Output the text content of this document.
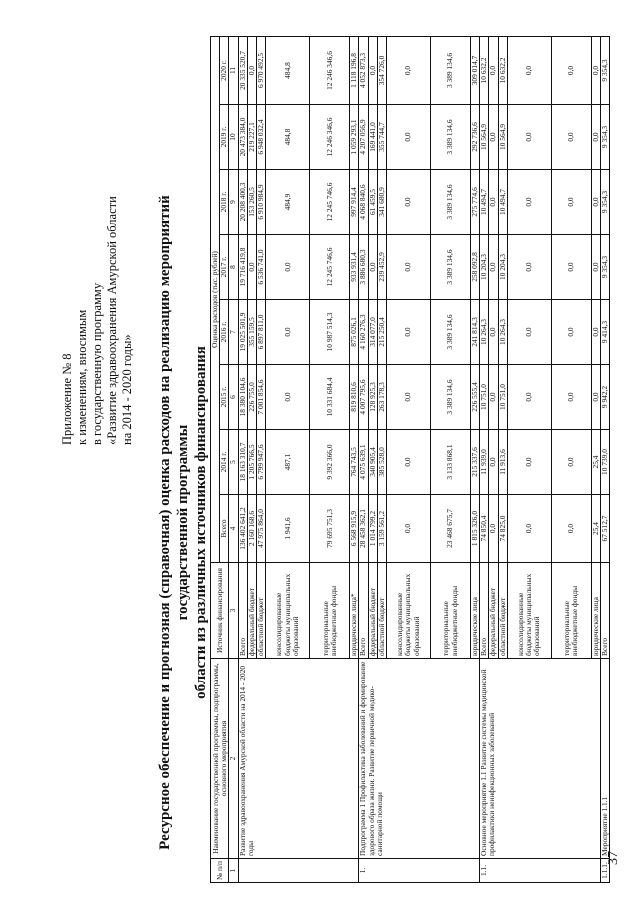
37
Приложение № 8 к изменениям, вносимым в государственную программу «Развитие здравоохранения Амурской области на 2014 - 2020 годы» Ресурсное обеспечение и прогнозная (справочная) оценка расходов на реализацию мероприятий государственной программы области из различных источников финансирования
№ п/п	Наименование государственной программы, подпрограммы, основного мероприятия	Источник финансирования	Оценка расходов (тыс. рублей)							
			Всего	2014 г.	2015 г.	2016 г.	2017 г.	2018 г.	2019 г.	2020 г.
1	2	3	4	5	6	7	8	9	10	11
	Развитие здравоохранения Амурской области на 2014 - 2020 годы	Всего	136 402 641,2	18 163 310,7	18 380 104,6	19 025 501,9	19 716 419,8	20 208 400,3	20 473 384,0	20 335 520,7
		федеральный бюджет	2 160 168,6	1 205 766,5	226 755,0	355 159,5	0,0	153 260,5	219 227,1	0,0
		областной бюджет	47 975 864,0	6 799 947,6	7 001 854,6	6 897 811,0	6 536 741,0	6 910 984,9	6 948 032,4	6 970 492,5
		консолидированные бюджеты муниципальных образований	1 941,6	487,1	0,0	0,0	0,0	484,9	484,8	484,8
		территориальные внебюджетные фонды	79 695 751,3	9 392 366,0	10 331 684,4	10 987 514,3	12 245 746,6	12 245 746,6	12 246 346,6	12 246 346,6
		юридические лица*	6 568 915,9	764 743,5	819 810,6	875 026,1	933 931,4	997 914,4	1 059 293,1	1 118 196,8
1.	Подпрограмма 1 Профилактика заболеваний и формирование здорового образа жизни. Развитие первичной медико-санитарной помощи	Всего	28 458 362,1	4 075 639,1	4 007 795,6	4 160 276,3	3 886 680,3	4 068 840,6	4 207 056,9	4 052 873,3
		федеральный бюджет	1 014 799,2	340 905,4	128 925,3	314 077,0	0,0	61 459,5	169 441,0	0,0
		областной бюджет	3 159 561,2	385 528,0	263 178,3	215 250,4	239 452,9	341 680,9	355 744,7	354 726,0
		консолидированные бюджеты муниципальных образований	0,0	0,0	0,0	0,0	0,0	0,0	0,0	0,0
		территориальные внебюджетные фонды	23 468 675,7	3 133 868,1	3 389 134,6	3 389 134,6	3 389 134,6	3 389 134,6	3 389 134,6	3 389 134,6
		юридические лица	1 815 326,0	215 337,6	226 555,4	241 814,3	258 092,8	275 774,6	292 736,6	309 014,7
1.1.	Основное мероприятие 1.1 Развитие системы медицинской профилактики неинфекционных заболеваний	Всего	74 850,4	11 939,0	10 751,0	10 264,3	10 204,3	10 494,7	10 564,9	10 632,2
		федеральный бюджет	0,0	0,0	0,0	0,0	0,0	0,0	0,0	0,0
		областной бюджет	74 825,0	11 913,6	10 751,0	10 264,3	10 204,3	10 494,7	10 564,9	10 632,2
		консолидированные бюджеты муниципальных образований	0,0	0,0	0,0	0,0	0,0	0,0	0,0	0,0
		территориальные внебюджетные фонды	0,0	0,0	0,0	0,0	0,0	0,0	0,0	0,0
		юридические лица	25,4	25,4	0,0	0,0	0,0	0,0	0,0	0,0
1.1.1.	Мероприятие 1.1.1	Всего	67 512,7	10 739,0	9 942,2	9 414,3	9 354,3	9 354,3	9 354,3	9 354,3
